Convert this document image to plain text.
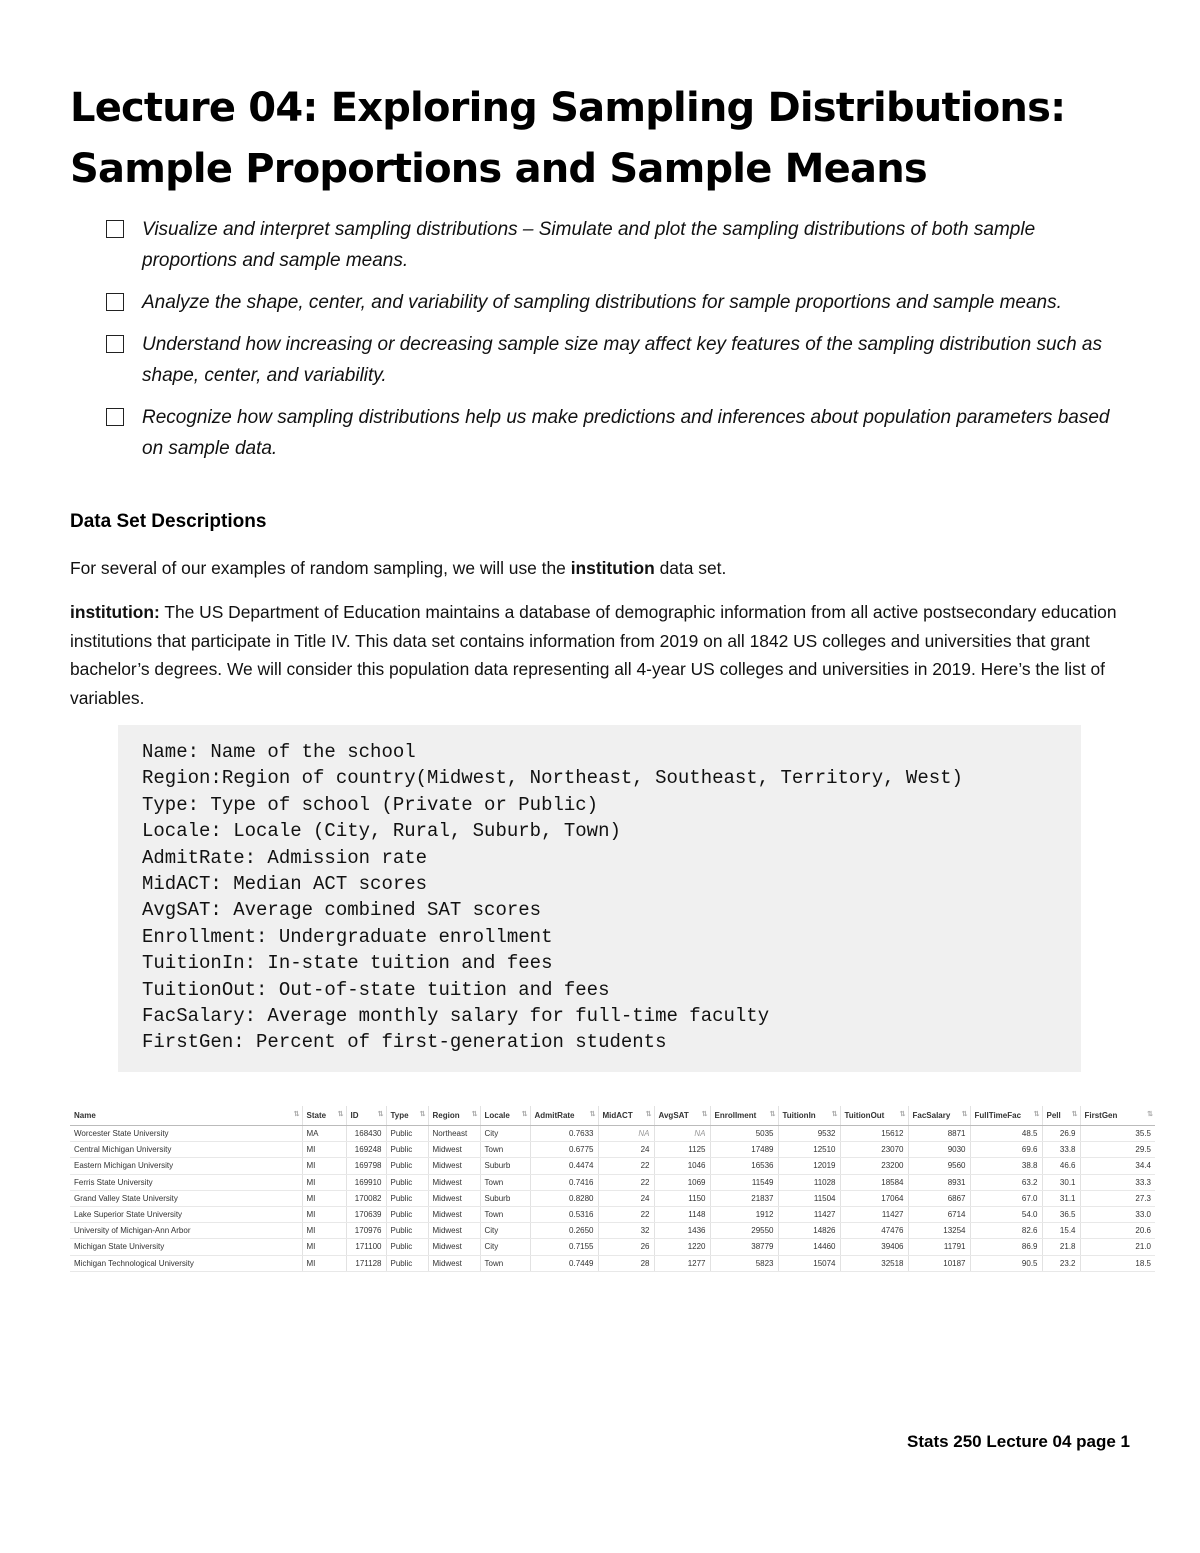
Lecture 04: Exploring Sampling Distributions:
Sample Proportions and Sample Means
Visualize and interpret sampling distributions – Simulate and plot the sampling distributions of both sample proportions and sample means.
Analyze the shape, center, and variability of sampling distributions for sample proportions and sample means.
Understand how increasing or decreasing sample size may affect key features of the sampling distribution such as shape, center, and variability.
Recognize how sampling distributions help us make predictions and inferences about population parameters based on sample data.
Data Set Descriptions

For several of our examples of random sampling, we will use the institution data set.

institution: The US Department of Education maintains a database of demographic information from all active postsecondary education institutions that participate in Title IV. This data set contains information from 2019 on all 1842 US colleges and universities that grant bachelor’s degrees. We will consider this population data representing all 4-year US colleges and universities in 2019. Here’s the list of variables.

Name: Name of the school
Region:Region of country(Midwest, Northeast, Southeast, Territory, West)
Type: Type of school (Private or Public)
Locale: Locale (City, Rural, Suburb, Town)
AdmitRate: Admission rate
MidACT: Median ACT scores
AvgSAT: Average combined SAT scores
Enrollment: Undergraduate enrollment
TuitionIn: In-state tuition and fees
TuitionOut: Out-of-state tuition and fees
FacSalary: Average monthly salary for full-time faculty
FirstGen: Percent of first-generation students
Name ⇅	State ⇅	ID ⇅	Type ⇅	Region ⇅	Locale ⇅	AdmitRate ⇅	MidACT ⇅	AvgSAT ⇅	Enrollment ⇅	TuitionIn ⇅	TuitionOut ⇅	FacSalary ⇅	FullTimeFac ⇅	Pell ⇅	FirstGen ⇅

Worcester State University	MA	168430	Public	Northeast	City	0.7633	NA	NA	5035	9532	15612	8871	48.5	26.9	35.5
Central Michigan University	MI	169248	Public	Midwest	Town	0.6775	24	1125	17489	12510	23070	9030	69.6	33.8	29.5
Eastern Michigan University	MI	169798	Public	Midwest	Suburb	0.4474	22	1046	16536	12019	23200	9560	38.8	46.6	34.4
Ferris State University	MI	169910	Public	Midwest	Town	0.7416	22	1069	11549	11028	18584	8931	63.2	30.1	33.3
Grand Valley State University	MI	170082	Public	Midwest	Suburb	0.8280	24	1150	21837	11504	17064	6867	67.0	31.1	27.3
Lake Superior State University	MI	170639	Public	Midwest	Town	0.5316	22	1148	1912	11427	11427	6714	54.0	36.5	33.0
University of Michigan-Ann Arbor	MI	170976	Public	Midwest	City	0.2650	32	1436	29550	14826	47476	13254	82.6	15.4	20.6
Michigan State University	MI	171100	Public	Midwest	City	0.7155	26	1220	38779	14460	39406	11791	86.9	21.8	21.0
Michigan Technological University	MI	171128	Public	Midwest	Town	0.7449	28	1277	5823	15074	32518	10187	90.5	23.2	18.5
Stats 250 Lecture 04 page 1
